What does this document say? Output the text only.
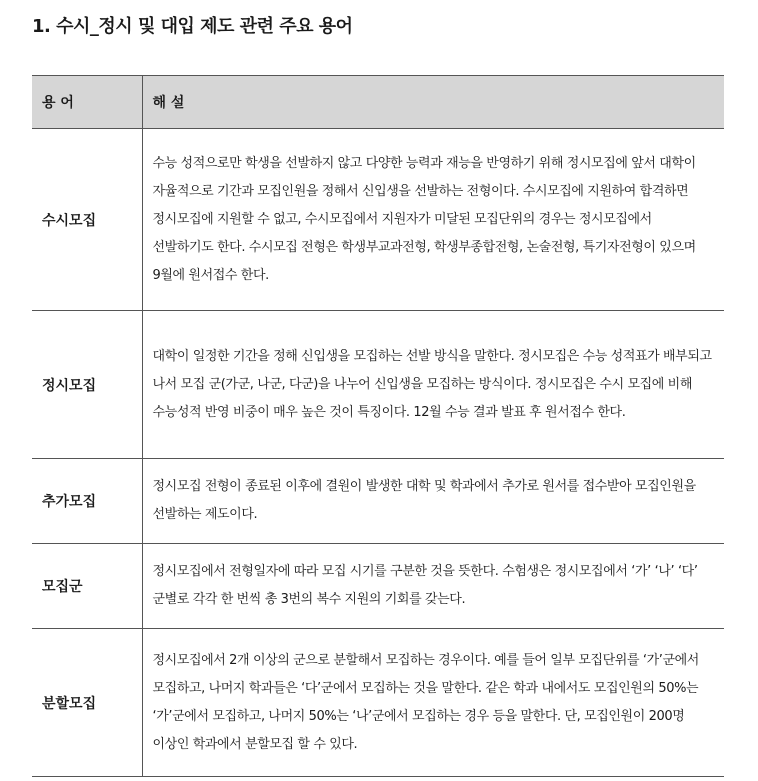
1. 수시_정시 및 대입 제도 관련 주요 용어
용 어	해 설
수시모집	수능 성적으로만 학생을 선발하지 않고 다양한 능력과 재능을 반영하기 위해 정시모집에 앞서 대학이 자율적으로 기간과 모집인원을 정해서 신입생을 선발하는 전형이다. 수시모집에 지원하여 합격하면 정시모집에 지원할 수 없고, 수시모집에서 지원자가 미달된 모집단위의 경우는 정시모집에서 선발하기도 한다. 수시모집 전형은 학생부교과전형, 학생부종합전형, 논술전형, 특기자전형이 있으며 9월에 원서접수 한다.
정시모집	대학이 일정한 기간을 정해 신입생을 모집하는 선발 방식을 말한다. 정시모집은 수능 성적표가 배부되고 나서 모집 군(가군, 나군, 다군)을 나누어 신입생을 모집하는 방식이다. 정시모집은 수시 모집에 비해 수능성적 반영 비중이 매우 높은 것이 특징이다. 12월 수능 결과 발표 후 원서접수 한다.
추가모집	정시모집 전형이 종료된 이후에 결원이 발생한 대학 및 학과에서 추가로 원서를 접수받아 모집인원을 선발하는 제도이다.
모집군	정시모집에서 전형일자에 따라 모집 시기를 구분한 것을 뜻한다. 수험생은 정시모집에서 ‘가’ ‘나’ ‘다’ 군별로 각각 한 번씩 총 3번의 복수 지원의 기회를 갖는다.
분할모집	정시모집에서 2개 이상의 군으로 분할해서 모집하는 경우이다. 예를 들어 일부 모집단위를 ‘가’군에서 모집하고, 나머지 학과들은 ‘다’군에서 모집하는 것을 말한다. 같은 학과 내에서도 모집인원의 50%는 ‘가’군에서 모집하고, 나머지 50%는 ‘나’군에서 모집하는 경우 등을 말한다. 단, 모집인원이 200명 이상인 학과에서 분할모집 할 수 있다.
